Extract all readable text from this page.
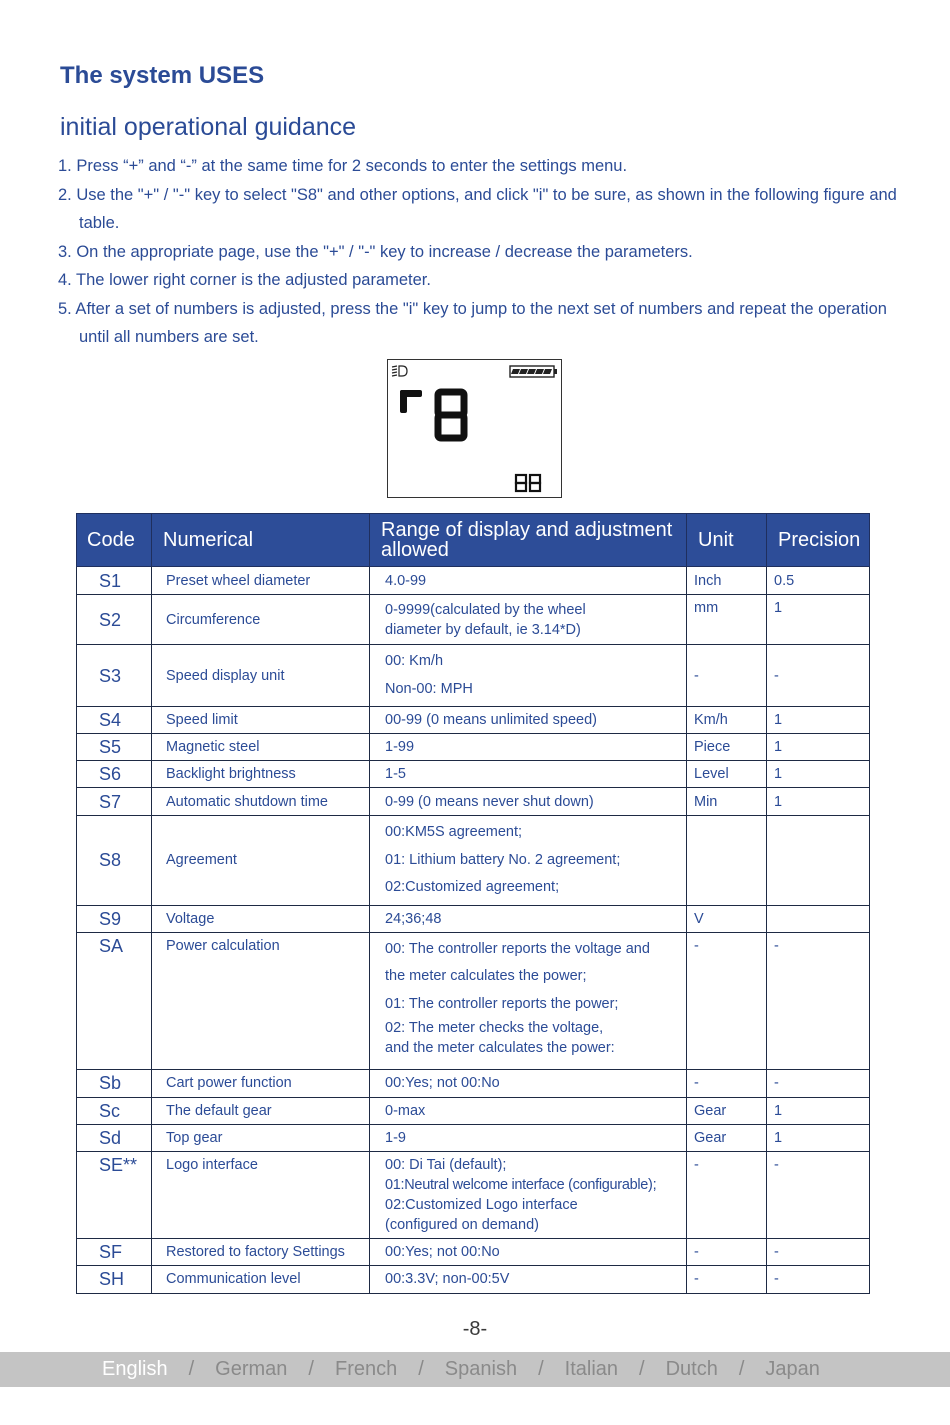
The system USES
initial operational guidance
1. Press “+” and “-” at the same time for 2 seconds to enter the settings menu.
2. Use the "+" / "-" key to select "S8" and other options, and click "i" to be sure, as shown in the following figure and table.
3. On the appropriate page, use the "+" / "-" key to increase / decrease the parameters.
4. The lower right corner is the adjusted parameter.
5. After a set of numbers is adjusted, press the "i" key to jump to the next set of numbers and repeat the operation until all numbers are set.
Code	Numerical	Range of display and adjustment allowed	Unit	Precision
S1	Preset wheel diameter	4.0-99	Inch	0.5
S2	Circumference	0-9999(calculated by the wheel
diameter by default, ie 3.14*D)	mm	1
S3	Speed display unit	00: Km/h
Non-00: MPH	-	-
S4	Speed limit	00-99 (0 means unlimited speed)	Km/h	1
S5	Magnetic steel	1-99	Piece	1
S6	Backlight brightness	1-5	Level	1
S7	Automatic shutdown time	0-99 (0 means never shut down)	Min	1
S8	Agreement	00:KM5S agreement;
01: Lithium battery No. 2 agreement;
02:Customized agreement;		

S9	Voltage	24;36;48	V	
SA	Power calculation	00: The controller reports the voltage and
the meter calculates the power;
01: The controller reports the power;
02: The meter checks the voltage,
and the meter calculates the power:	-	-
Sb	Cart power function	00:Yes; not 00:No	-	-
Sc	The default gear	0-max	Gear	1
Sd	Top gear	1-9	Gear	1
SE**	Logo interface	00: Di Tai (default);
01:Neutral welcome interface (configurable);
02:Customized Logo interface
(configured on demand)	-	-
SF	Restored to factory Settings	00:Yes; not 00:No	-	-
SH	Communication level	00:3.3V; non-00:5V	-	-
-8-
English / German / French / Spanish / Italian / Dutch / Japan
